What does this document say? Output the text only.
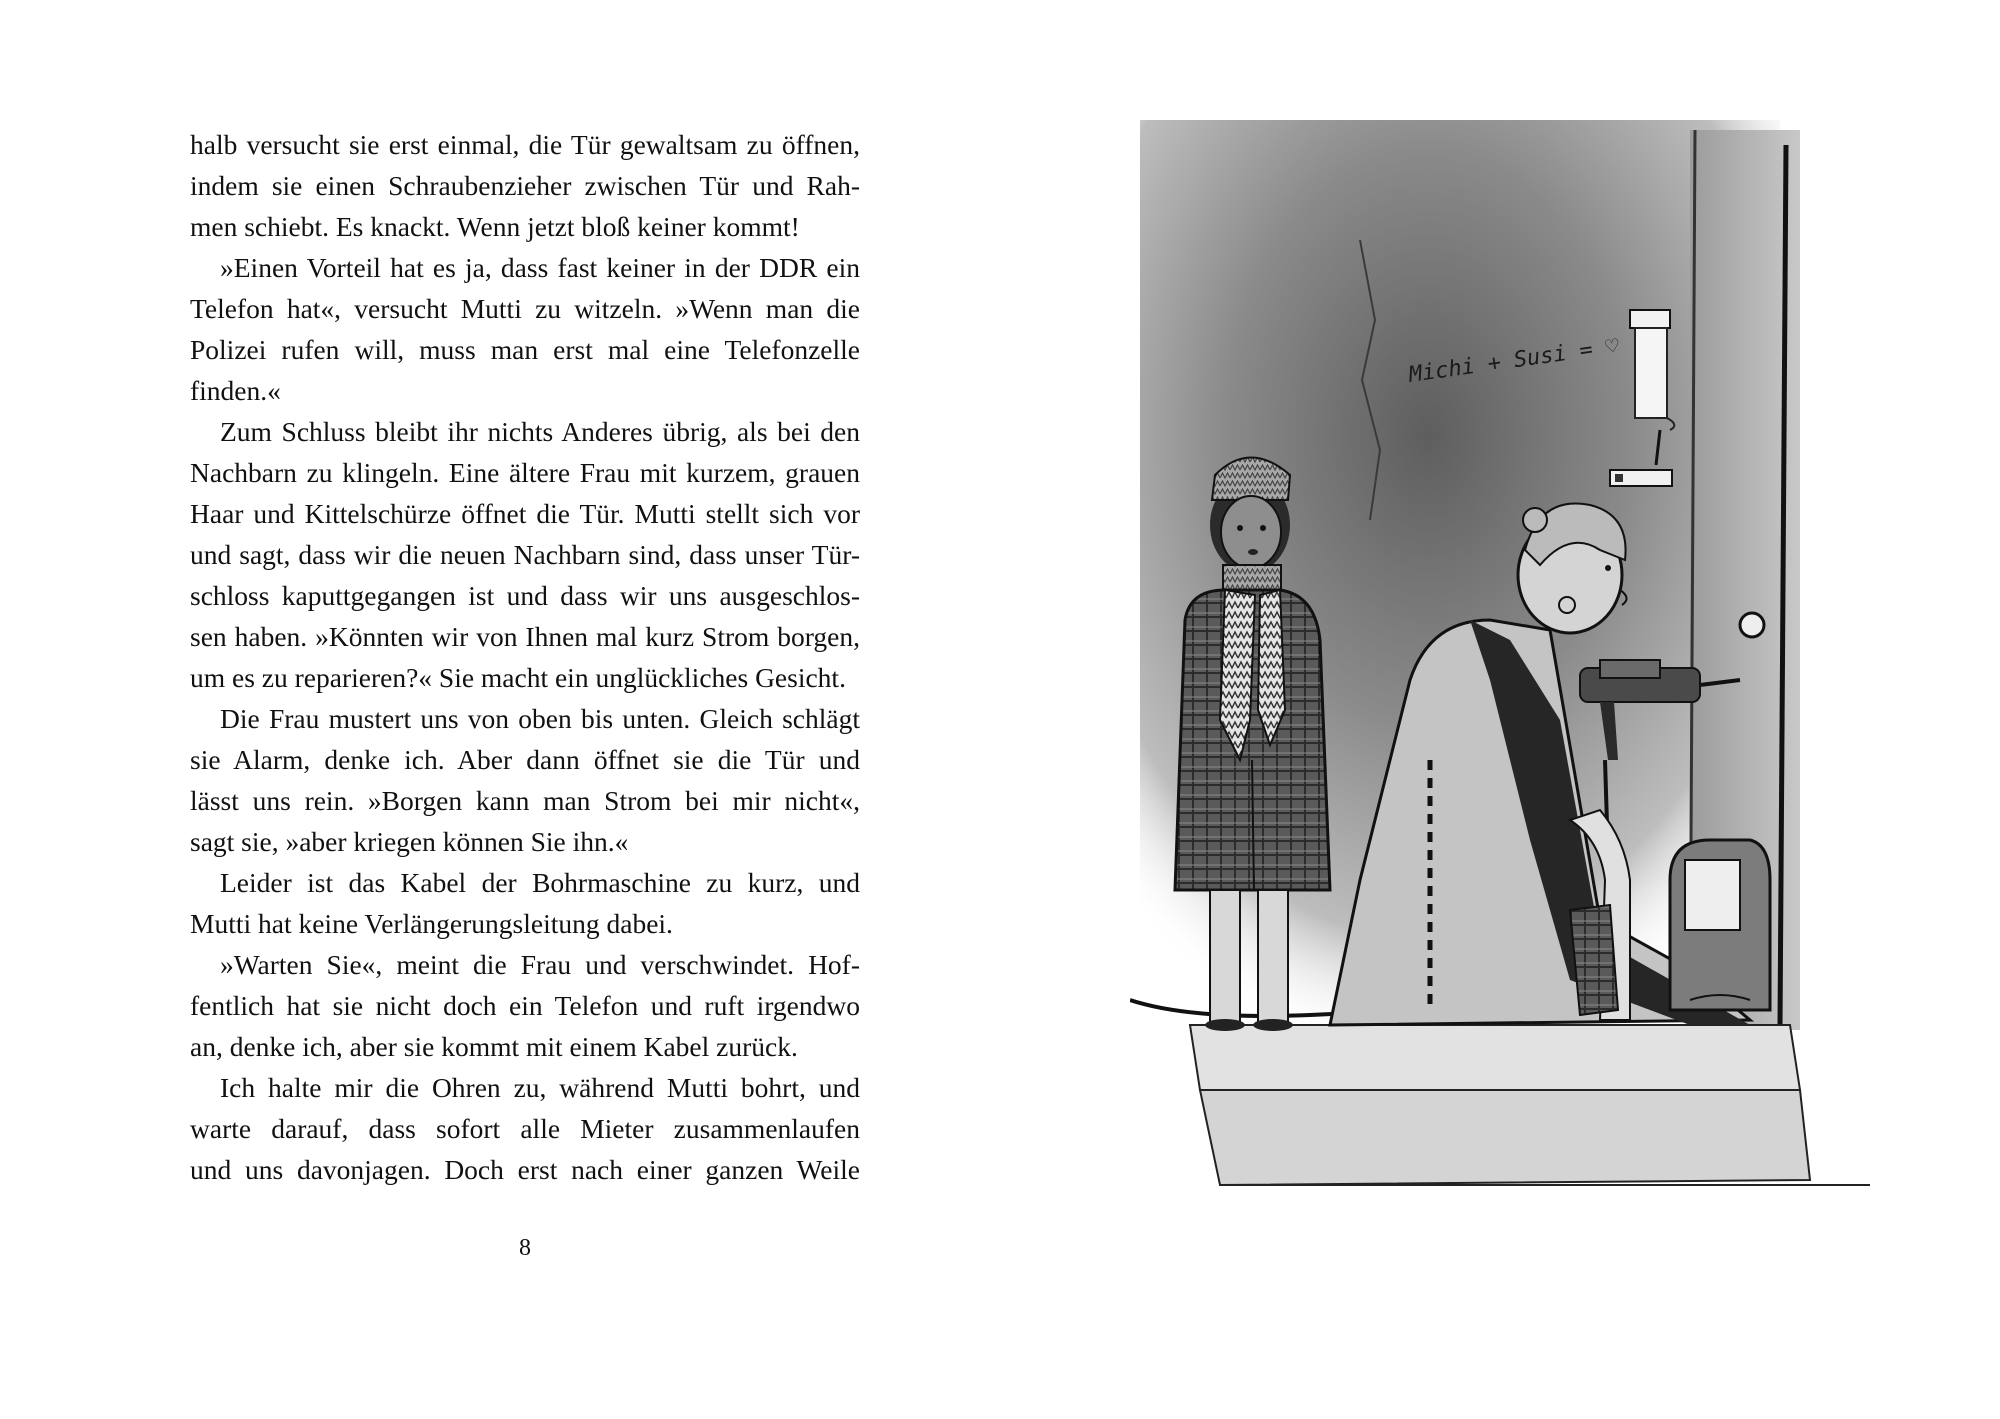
halb versucht sie erst einmal, die Tür gewaltsam zu öffnen,
indem sie einen Schraubenzieher zwischen Tür und Rah-
men schiebt. Es knackt. Wenn jetzt bloß keiner kommt!
»Einen Vorteil hat es ja, dass fast keiner in der DDR ein
Telefon hat«, versucht Mutti zu witzeln. »Wenn man die
Polizei rufen will, muss man erst mal eine Telefonzelle
finden.«
Zum Schluss bleibt ihr nichts Anderes übrig, als bei den
Nachbarn zu klingeln. Eine ältere Frau mit kurzem, grauen
Haar und Kittelschürze öffnet die Tür. Mutti stellt sich vor
und sagt, dass wir die neuen Nachbarn sind, dass unser Tür-
schloss kaputtgegangen ist und dass wir uns ausgeschlos-
sen haben. »Könnten wir von Ihnen mal kurz Strom borgen,
um es zu reparieren?« Sie macht ein unglückliches Gesicht.
Die Frau mustert uns von oben bis unten. Gleich schlägt
sie Alarm, denke ich. Aber dann öffnet sie die Tür und
lässt uns rein. »Borgen kann man Strom bei mir nicht«,
sagt sie, »aber kriegen können Sie ihn.«
Leider ist das Kabel der Bohrmaschine zu kurz, und
Mutti hat keine Verlängerungsleitung dabei.
»Warten Sie«, meint die Frau und verschwindet. Hof-
fentlich hat sie nicht doch ein Telefon und ruft irgendwo
an, denke ich, aber sie kommt mit einem Kabel zurück.
Ich halte mir die Ohren zu, während Mutti bohrt, und
warte darauf, dass sofort alle Mieter zusammenlaufen
und uns davonjagen. Doch erst nach einer ganzen Weile
8
Michi + Susi = ♡
